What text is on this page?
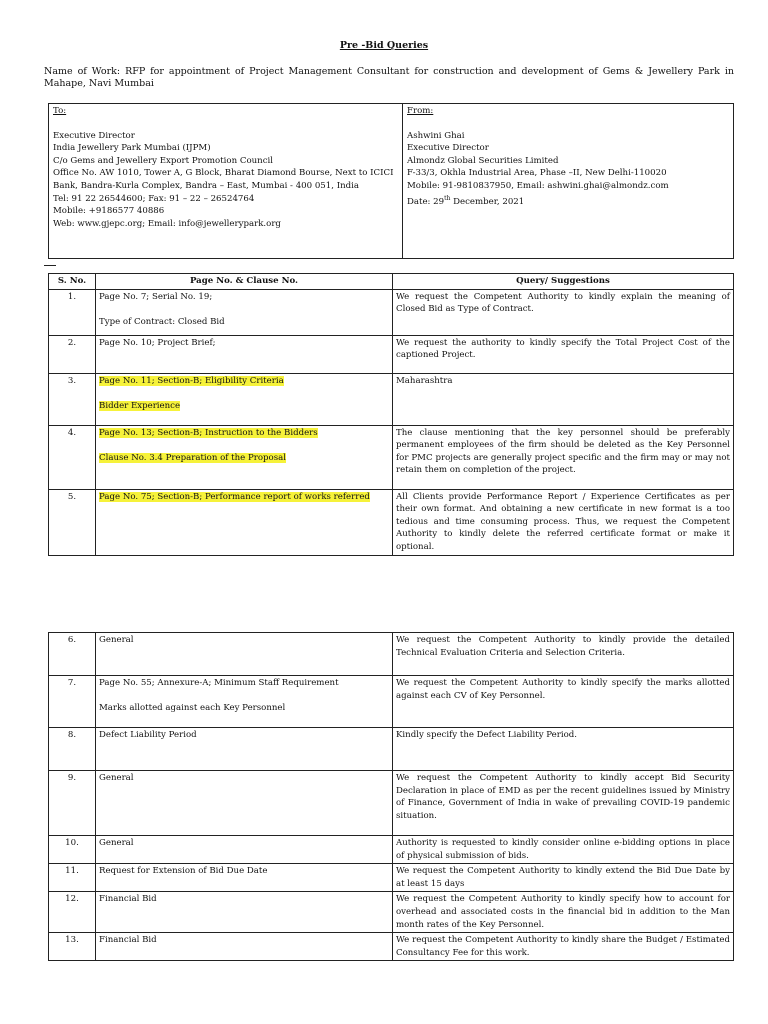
Pre -Bid Queries
Name of Work: RFP for appointment of Project Management Consultant for construction and development of Gems & Jewellery Park in Mahape, Navi Mumbai
To:
Executive Director
India Jewellery Park Mumbai (IJPM)
C/o Gems and Jewellery Export Promotion Council
Office No. AW 1010, Tower A, G Block, Bharat Diamond Bourse, Next to ICICI Bank, Bandra-Kurla Complex, Bandra – East, Mumbai - 400 051, India
Tel: 91 22 26544600; Fax: 91 – 22 – 26524764
Mobile: +9186577 40886
Web: www.gjepc.org; Email: info@jewellerypark.org

From:
Ashwini Ghai
Executive Director
Almondz Global Securities Limited
F-33/3, Okhla Industrial Area, Phase –II, New Delhi-110020
Mobile: 91-9810837950, Email: ashwini.ghai@almondz.com
Date: 29th December, 2021
S. No.	Page No. & Clause No.	Query/ Suggestions
1.	Page No. 7; Serial No. 19;
Type of Contract: Closed Bid	We request the Competent Authority to kindly explain the meaning of Closed Bid as Type of Contract.
2.	Page No. 10; Project Brief;	We request the authority to kindly specify the Total Project Cost of the captioned Project.
3.	Page No. 11; Section-B; Eligibility Criteria
Bidder Experience	Maharashtra
4.	Page No. 13; Section-B; Instruction to the Bidders
Clause No. 3.4 Preparation of the Proposal	The clause mentioning that the key personnel should be preferably permanent employees of the firm should be deleted as the Key Personnel for PMC projects are generally project specific and the firm may or may not retain them on completion of the project.
5.	Page No. 75; Section-B; Performance report of works referred	All Clients provide Performance Report / Experience Certificates as per their own format. And obtaining a new certificate in new format is a too tedious and time consuming process. Thus, we request the Competent Authority to kindly delete the referred certificate format or make it optional.
6.	General	We request the Competent Authority to kindly provide the detailed Technical Evaluation Criteria and Selection Criteria.
7.	Page No. 55; Annexure-A; Minimum Staff Requirement
Marks allotted against each Key Personnel	We request the Competent Authority to kindly specify the marks allotted against each CV of Key Personnel.
8.	Defect Liability Period	Kindly specify the Defect Liability Period.
9.	General	We request the Competent Authority to kindly accept Bid Security Declaration in place of EMD as per the recent guidelines issued by Ministry of Finance, Government of India in wake of prevailing COVID-19 pandemic situation.
10.	General	Authority is requested to kindly consider online e-bidding options in place of physical submission of bids.
11.	Request for Extension of Bid Due Date	We request the Competent Authority to kindly extend the Bid Due Date by at least 15 days
12.	Financial Bid	We request the Competent Authority to kindly specify how to account for overhead and associated costs in the financial bid in addition to the Man month rates of the Key Personnel.
13.	Financial Bid	We request the Competent Authority to kindly share the Budget / Estimated Consultancy Fee for this work.
